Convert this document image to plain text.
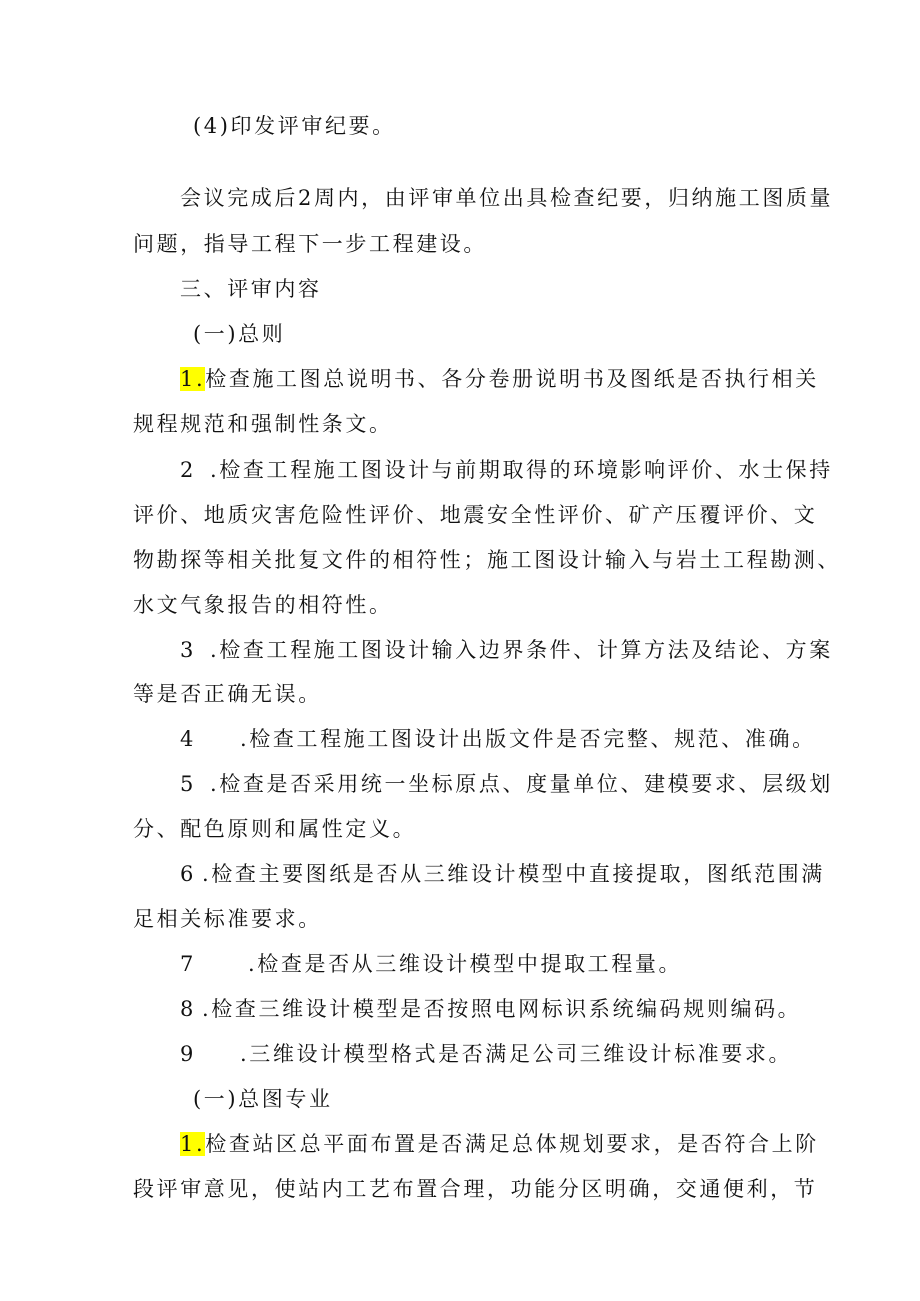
(4)印发评审纪要。
会议完成后2周内，由评审单位出具检查纪要，归纳施工图质量
问题，指导工程下一步工程建设。
三、评审内容
(一)总则
1.检查施工图总说明书、各分卷册说明书及图纸是否执行相关
规程规范和强制性条文。
2 .检查工程施工图设计与前期取得的环境影响评价、水士保持
评价、地质灾害危险性评价、地震安全性评价、矿产压覆评价、文
物勘探等相关批复文件的相符性；施工图设计输入与岩土工程勘测、
水文气象报告的相符性。
3 .检查工程施工图设计输入边界条件、计算方法及结论、方案
等是否正确无误。
4 .检查工程施工图设计出版文件是否完整、规范、准确。
5 .检查是否采用统一坐标原点、度量单位、建模要求、层级划
分、配色原则和属性定义。
6 .检查主要图纸是否从三维设计模型中直接提取，图纸范围满
足相关标准要求。
7 .检查是否从三维设计模型中提取工程量。
8 .检查三维设计模型是否按照电网标识系统编码规则编码。
9 .三维设计模型格式是否满足公司三维设计标准要求。
(一)总图专业
1.检查站区总平面布置是否满足总体规划要求，是否符合上阶
段评审意见，使站内工艺布置合理，功能分区明确，交通便利，节
